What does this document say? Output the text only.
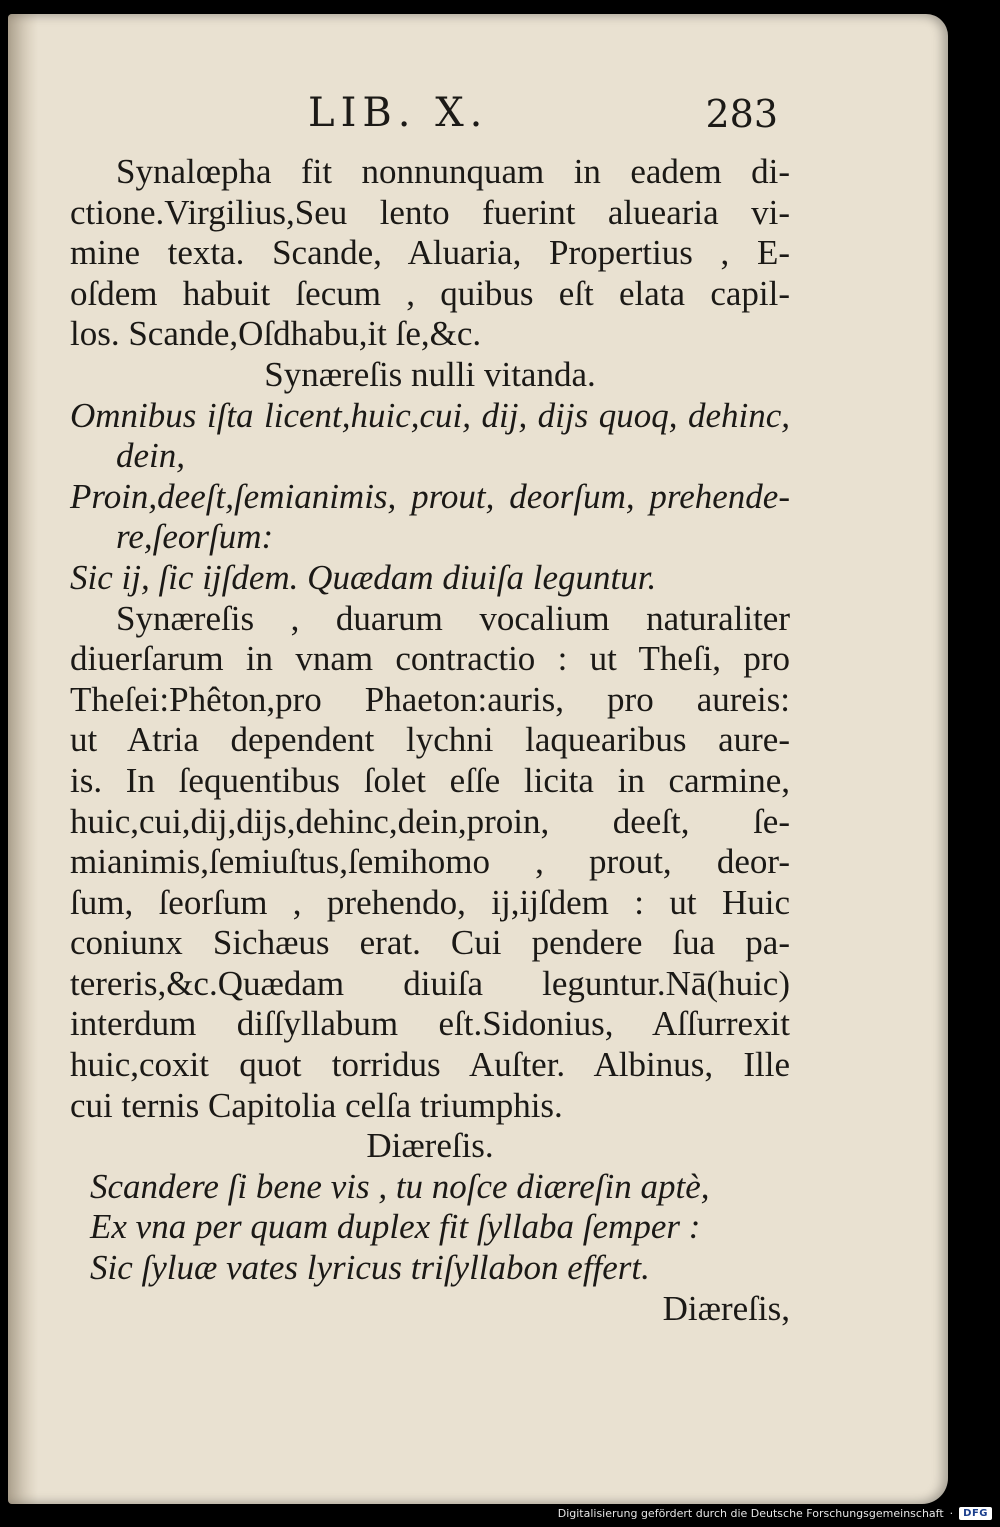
LIB. X.	283
Synalœpha fit nonnunquam in eadem di-
ctione.Virgilius,Seu lento fuerint aluearia vi-
mine texta. Scande, Aluaria, Propertius , E-
oſdem habuit ſecum , quibus eſt elata capil-
los. Scande,Oſdhabu,it ſe,&c.
Synæreſis nulli vitanda.
Omnibus iſta licent,huic,cui, dij, dijs quoq, dehinc,
dein,
Proin,deeſt,ſemianimis, prout, deorſum, prehende-
re,ſeorſum:
Sic ij, ſic ijſdem. Quædam diuiſa leguntur.
Synæreſis , duarum vocalium naturaliter
diuerſarum in vnam contractio : ut Theſi, pro
Theſei:Phêton,pro Phaeton:auris, pro aureis:
ut Atria dependent lychni laquearibus aure-
is. In ſequentibus ſolet eſſe licita in carmine,
huic,cui,dij,dijs,dehinc,dein,proin, deeſt, ſe-
mianimis,ſemiuſtus,ſemihomo , prout, deor-
ſum, ſeorſum , prehendo, ij,ijſdem : ut Huic
coniunx Sichæus erat. Cui pendere ſua pa-
tereris,&c.Quædam diuiſa leguntur.Nā(huic)
interdum diſſyllabum eſt.Sidonius, Aſſurrexit
huic,coxit quot torridus Auſter. Albinus, Ille
cui ternis Capitolia celſa triumphis.
Diæreſis.
Scandere ſi bene vis , tu noſce diæreſin aptè,
Ex vna per quam duplex fit ſyllaba ſemper :
Sic ſyluæ vates lyricus triſyllabon effert.
Diæreſis,
Digitalisierung gefördert durch die Deutsche Forschungsgemeinschaft ·	DFG
